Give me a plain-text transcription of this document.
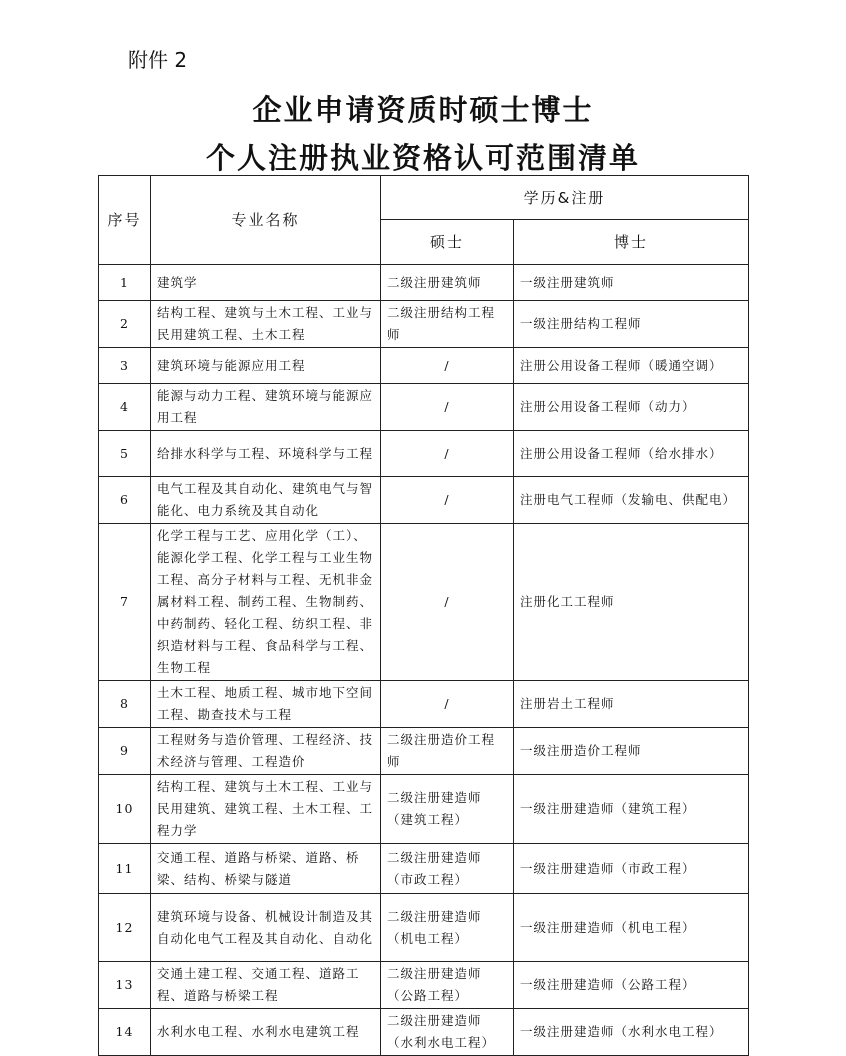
附件 2
企业申请资质时硕士博士
个人注册执业资格认可范围清单
序号	专业名称	学历&注册	
		硕士	博士
1	建筑学	二级注册建筑师	一级注册建筑师
2	结构工程、建筑与土木工程、工业与民用建筑工程、土木工程	二级注册结构工程师	一级注册结构工程师
3	建筑环境与能源应用工程	/	注册公用设备工程师（暖通空调）
4	能源与动力工程、建筑环境与能源应用工程	/	注册公用设备工程师（动力）
5	给排水科学与工程、环境科学与工程	/	注册公用设备工程师（给水排水）
6	电气工程及其自动化、建筑电气与智能化、电力系统及其自动化	/	注册电气工程师（发输电、供配电）
7	化学工程与工艺、应用化学（工）、能源化学工程、化学工程与工业生物工程、高分子材料与工程、无机非金属材料工程、制药工程、生物制药、中药制药、轻化工程、纺织工程、非织造材料与工程、食品科学与工程、生物工程	/	注册化工工程师
8	土木工程、地质工程、城市地下空间工程、勘查技术与工程	/	注册岩土工程师
9	工程财务与造价管理、工程经济、技术经济与管理、工程造价	二级注册造价工程师	一级注册造价工程师
10	结构工程、建筑与土木工程、工业与民用建筑、建筑工程、土木工程、工程力学	二级注册建造师（建筑工程）	一级注册建造师（建筑工程）
11	交通工程、道路与桥梁、道路、桥梁、结构、桥梁与隧道	二级注册建造师（市政工程）	一级注册建造师（市政工程）
12	建筑环境与设备、机械设计制造及其自动化电气工程及其自动化、自动化	二级注册建造师（机电工程）	一级注册建造师（机电工程）
13	交通土建工程、交通工程、道路工程、道路与桥梁工程	二级注册建造师（公路工程）	一级注册建造师（公路工程）
14	水利水电工程、水利水电建筑工程	二级注册建造师（水利水电工程）	一级注册建造师（水利水电工程）
